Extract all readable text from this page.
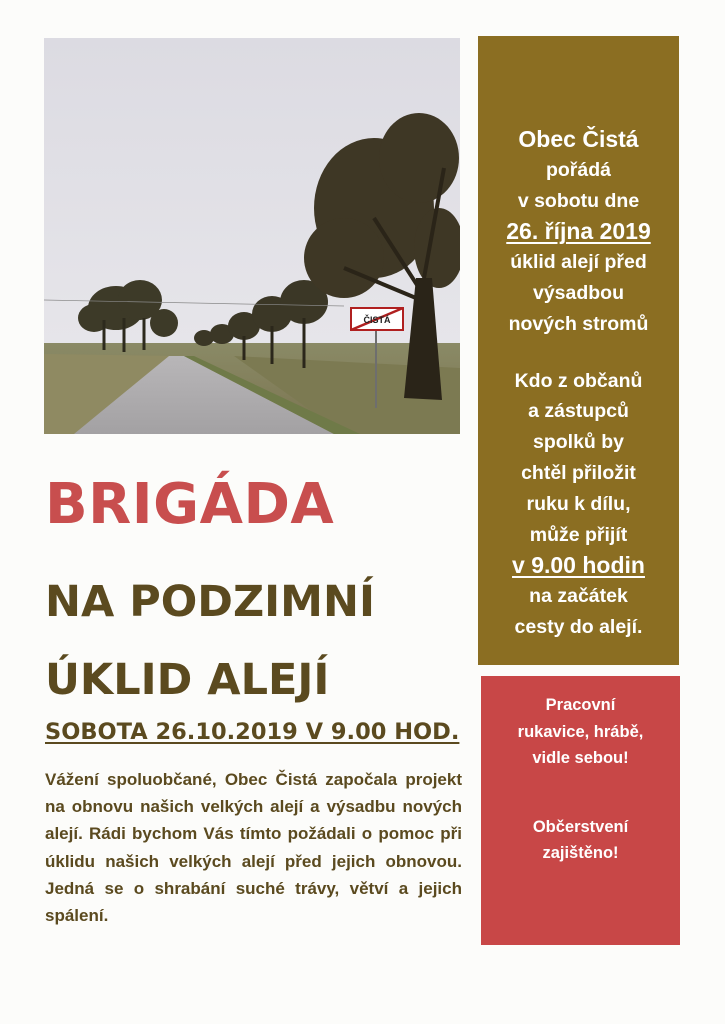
ČISTÁ
Obec Čistá
pořádá
v sobotu dne
26. října 2019
úklid alejí před
výsadbou
nových stromů
Kdo z občanů
a zástupců
spolků by
chtěl přiložit
ruku k dílu,
může přijít
v 9.00 hodin
na začátek
cesty do alejí.
Pracovní
rukavice, hrábě,
vidle sebou!
Občerstvení
zajištěno!
BRIGÁDA
NA PODZIMNÍ
ÚKLID ALEJÍ

SOBOTA 26.10.2019 V 9.00 HOD.

Vážení spoluobčané, Obec Čistá započala projekt na obnovu našich velkých alejí a výsadbu nových alejí. Rádi bychom Vás tímto požádali o pomoc při úklidu našich velkých alejí před jejich obnovou. Jedná se o shrabání suché trávy, větví a jejich spálení.
